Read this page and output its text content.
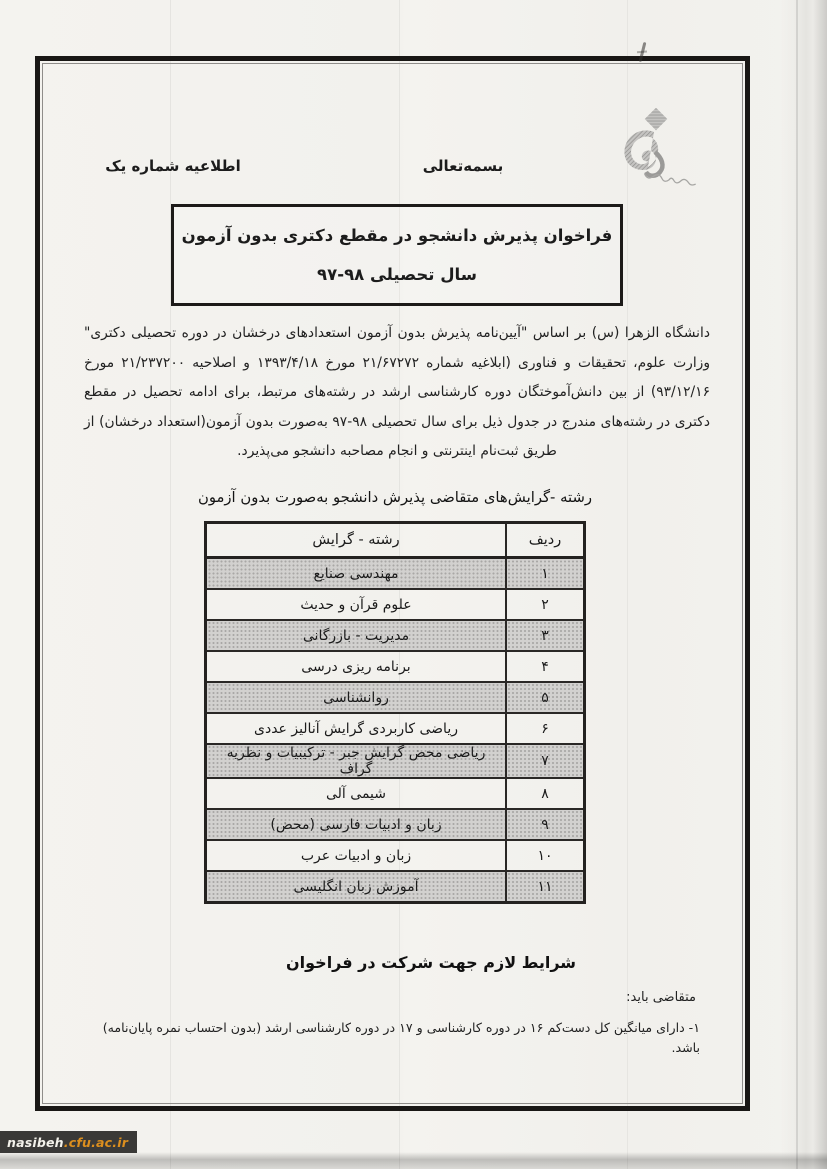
بسمه‌تعالی
اطلاعیه شماره یک
فراخوان پذیرش دانشجو در مقطع دکتری بدون آزمون
سال تحصیلی ۹۸-۹۷
دانشگاه الزهرا (س) بر اساس "آیین‌نامه پذیرش بدون آزمون استعدادهای درخشان در دوره تحصیلی دکتری" وزارت علوم، تحقیقات و فناوری (ابلاغیه شماره ۲۱/۶۷۲۷۲ مورخ ۱۳۹۳/۴/۱۸ و اصلاحیه ۲۱/۲۳۷۲۰۰ مورخ ۹۳/۱۲/۱۶) از بین دانش‌آموختگان دوره کارشناسی ارشد در رشته‌های مرتبط، برای ادامه تحصیل در مقطع دکتری در رشته‌های مندرج در جدول ذیل برای سال تحصیلی ۹۸-۹۷ به‌صورت بدون آزمون(استعداد درخشان) از طریق ثبت‌نام اینترنتی و انجام مصاحبه دانشجو می‌پذیرد.
رشته -گرایش‌های متقاضی پذیرش دانشجو به‌صورت بدون آزمون
ردیف	رشته - گرایش
۱	مهندسی صنایع
۲	علوم قرآن و حدیث
۳	مدیریت - بازرگانی
۴	برنامه ریزی درسی
۵	روانشناسی
۶	ریاضی کاربردی گرایش آنالیز عددی
۷	ریاضی محض گرایش جبر - ترکیبیات و نظریه گراف
۸	شیمی آلی
۹	زبان و ادبیات فارسی (محض)
۱۰	زبان و ادبیات عرب
۱۱	آموزش زبان انگلیسی
شرایط لازم جهت شرکت در فراخوان
متقاضی باید:
۱- دارای میانگین کل دست‌کم ۱۶ در دوره کارشناسی و ۱۷ در دوره کارشناسی ارشد (بدون احتساب نمره پایان‌نامه) باشد.
nasibeh .cfu.ac.ir
